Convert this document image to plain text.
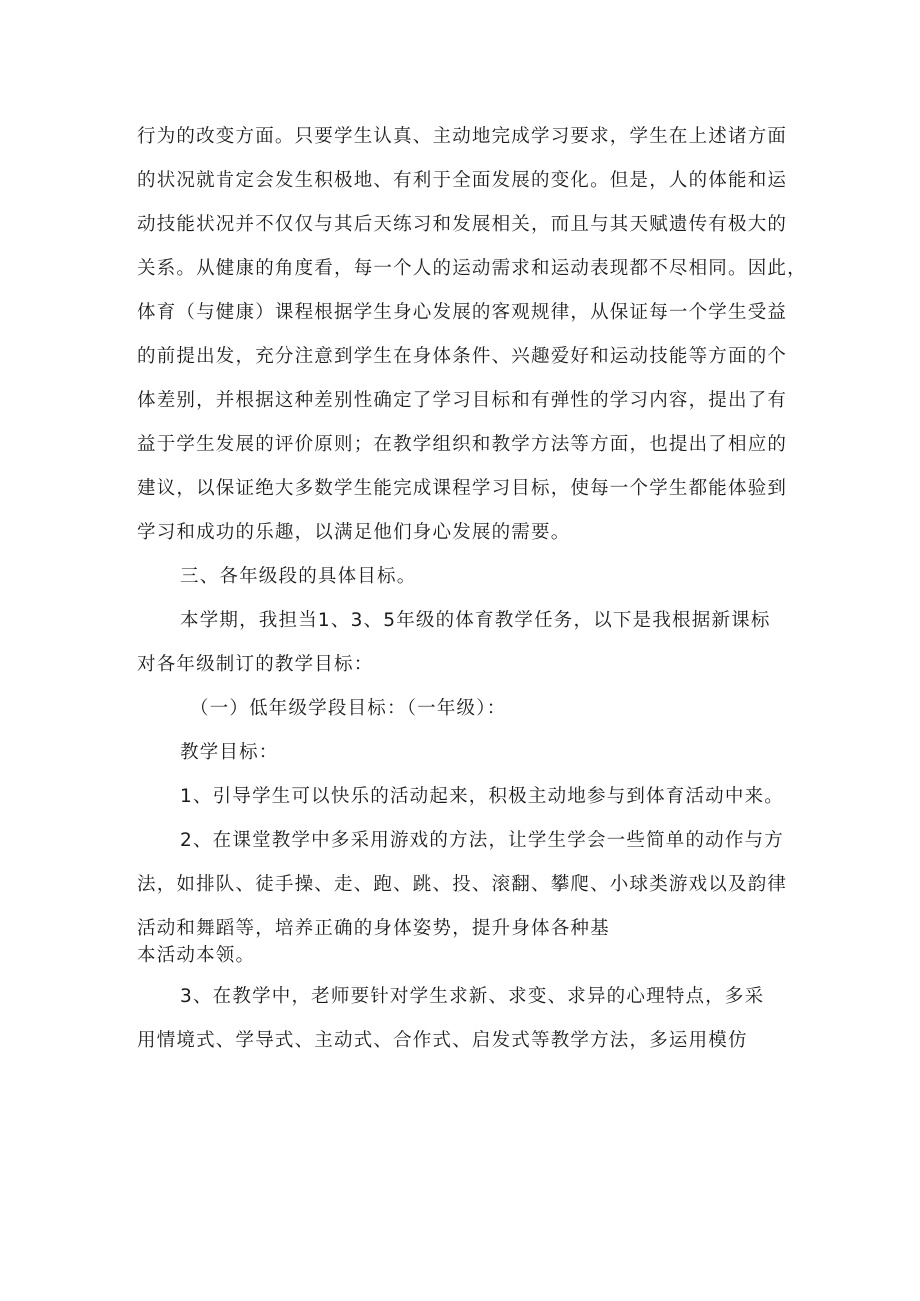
行为的改变方面。只要学生认真、主动地完成学习要求，学生在上述诸方面

的状况就肯定会发生积极地、有利于全面发展的变化。但是，人的体能和运

动技能状况并不仅仅与其后天练习和发展相关，而且与其天赋遗传有极大的

关系。从健康的角度看，每一个人的运动需求和运动表现都不尽相同。因此，

体育（与健康）课程根据学生身心发展的客观规律，从保证每一个学生受益

的前提出发，充分注意到学生在身体条件、兴趣爱好和运动技能等方面的个

体差别，并根据这种差别性确定了学习目标和有弹性的学习内容，提出了有

益于学生发展的评价原则；在教学组织和教学方法等方面，也提出了相应的

建议，以保证绝大多数学生能完成课程学习目标，使每一个学生都能体验到

学习和成功的乐趣，以满足他们身心发展的需要。

三、各年级段的具体目标。

本学期，我担当1、3、5年级的体育教学任务，以下是我根据新课标

对各年级制订的教学目标：

（一）低年级学段目标：（一年级）：

教学目标：

1、引导学生可以快乐的活动起来，积极主动地参与到体育活动中来。

2、在课堂教学中多采用游戏的方法，让学生学会一些简单的动作与方

法，如排队、徒手操、走、跑、跳、投、滚翻、攀爬、小球类游戏以及韵律

活动和舞蹈等，培养正确的身体姿势，提升身体各种基

本活动本领。

3、在教学中，老师要针对学生求新、求变、求异的心理特点，多采

用情境式、学导式、主动式、合作式、启发式等教学方法，多运用模仿
